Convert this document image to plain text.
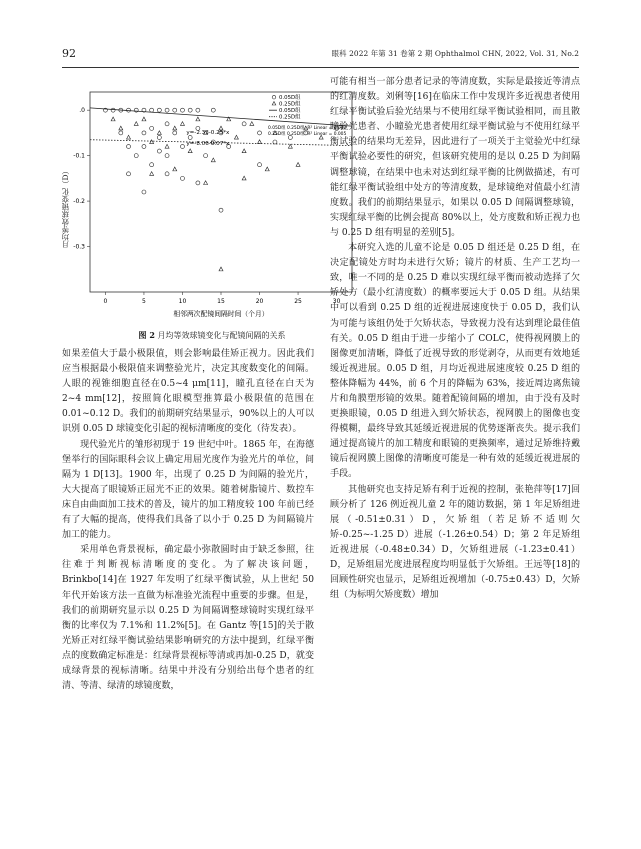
92	眼科 2022 年第 31 卷第 2 期 Ophthalmol CHN, 2022, Vol. 31, No.2
月均等效球镜变化（D）
0	5	10	15	20	25	30
.0
-0.1
-0.2
-0.3
相邻两次配镜间隔时间（个月）
y=-2.33-0.25*x
y=-8.06-0.07*x
0.05D组
0.25D组
0.05D组
0.25D组
0.05D组 0.25D组: R² Linear = 0.082
0.25D组 0.25D组: R² Linear = 0.005
图 2 月均等效球镜变化与配镜间隔的关系

如果差值大于最小极限值，则会影响最佳矫正视力。因此我们应当根据最小极限值来调整验光片，决定其度数变化的间隔。人眼的视锥细胞直径在0.5~4 μm[11]，瞳孔直径在白天为 2~4 mm[12]，按照简化眼模型推算最小极限值的范围在 0.01~0.12 D。我们的前期研究结果显示，90%以上的人可以识别 0.05 D 球镜变化引起的视标清晰度的变化（待发表）。

现代验光片的雏形初现于 19 世纪中叶。1865 年，在海德堡举行的国际眼科会议上确定用屈光度作为验光片的单位，间隔为 1 D[13]。1900 年，出现了 0.25 D 为间隔的验光片，大大提高了眼镜矫正屈光不正的效果。随着树脂镜片、数控车床自由曲面加工技术的普及，镜片的加工精度较 100 年前已经有了大幅的提高，使得我们具备了以小于 0.25 D 为间隔镜片加工的能力。

采用单色背景视标，确定最小弥散圆时由于缺乏参照，往往难于判断视标清晰度的变化。为了解决该问题，Brinkbo[14]在 1927 年发明了红绿平衡试验，从上世纪 50 年代开始该方法一直做为标准验光流程中重要的步骤。但是，我们的前期研究显示以 0.25 D 为间隔调整球镜时实现红绿平衡的比率仅为 7.1%和 11.2%[5]。在 Gantz 等[15]的关于散光矫正对红绿平衡试验结果影响研究的方法中提到，红绿平衡点的度数确定标准是：红绿背景视标等清或再加-0.25 D，就变成绿背景的视标清晰。结果中并没有分别给出每个患者的红清、等清、绿清的球镜度数，

可能有相当一部分患者记录的等清度数，实际是最接近等清点的红清度数。刘俐等[16]在临床工作中发现许多近视患者使用红绿平衡试验后验光结果与不使用红绿平衡试验相同，而且散瞳验光患者、小瞳验光患者使用红绿平衡试验与不使用红绿平衡试验的结果均无差异，因此进行了一项关于主觉验光中红绿平衡试验必要性的研究，但该研究使用的是以 0.25 D 为间隔调整球镜，在结果中也未对达到红绿平衡的比例做描述，有可能红绿平衡试验组中处方的等清度数，是球镜绝对值最小红清度数。我们的前期结果显示，如果以 0.05 D 间隔调整球镜，实现红绿平衡的比例会提高 80%以上，处方度数和矫正视力也与 0.25 D 组有明显的差别[5]。

本研究入选的儿童不论是 0.05 D 组还是 0.25 D 组，在决定配镜处方时均未进行欠矫；镜片的材质、生产工艺均一致，唯一不同的是 0.25 D 难以实现红绿平衡而被动选择了欠矫处方（最小红清度数）的概率要远大于 0.05 D 组。从结果中可以看到 0.25 D 组的近视进展速度快于 0.05 D，我们认为可能与该组仍处于欠矫状态，导致视力没有达到理论最佳值有关。0.05 D 组由于进一步缩小了 COLC，使得视网膜上的图像更加清晰，降低了近视导致的形觉剥夺，从而更有效地延缓近视进展。0.05 D 组，月均近视进展速度较 0.25 D 组的整体降幅为 44%，前 6 个月的降幅为 63%，接近周边离焦镜片和角膜塑形镜的效果。随着配镜间隔的增加，由于没有及时更换眼镜，0.05 D 组进入到欠矫状态，视网膜上的图像也变得模糊，最终导致其延缓近视进展的优势逐渐丧失。提示我们通过提高镜片的加工精度和眼镜的更换频率，通过足矫维持戴镜后视网膜上图像的清晰度可能是一种有效的延缓近视进展的手段。

其他研究也支持足矫有利于近视的控制，张艳萍等[17]回顾分析了 126 例近视儿童 2 年的随访数据，第 1 年足矫组进展（-0.51±0.31）D，欠矫组（若足矫不适则欠矫-0.25~-1.25 D）进展（-1.26±0.54）D；第 2 年足矫组近视进展（-0.48±0.34）D，欠矫组进展（-1.23±0.41）D，足矫组屈光度进展程度均明显低于欠矫组。王远等[18]的回顾性研究也显示，足矫组近视增加（-0.75±0.43）D，欠矫组（为标明欠矫度数）增加
